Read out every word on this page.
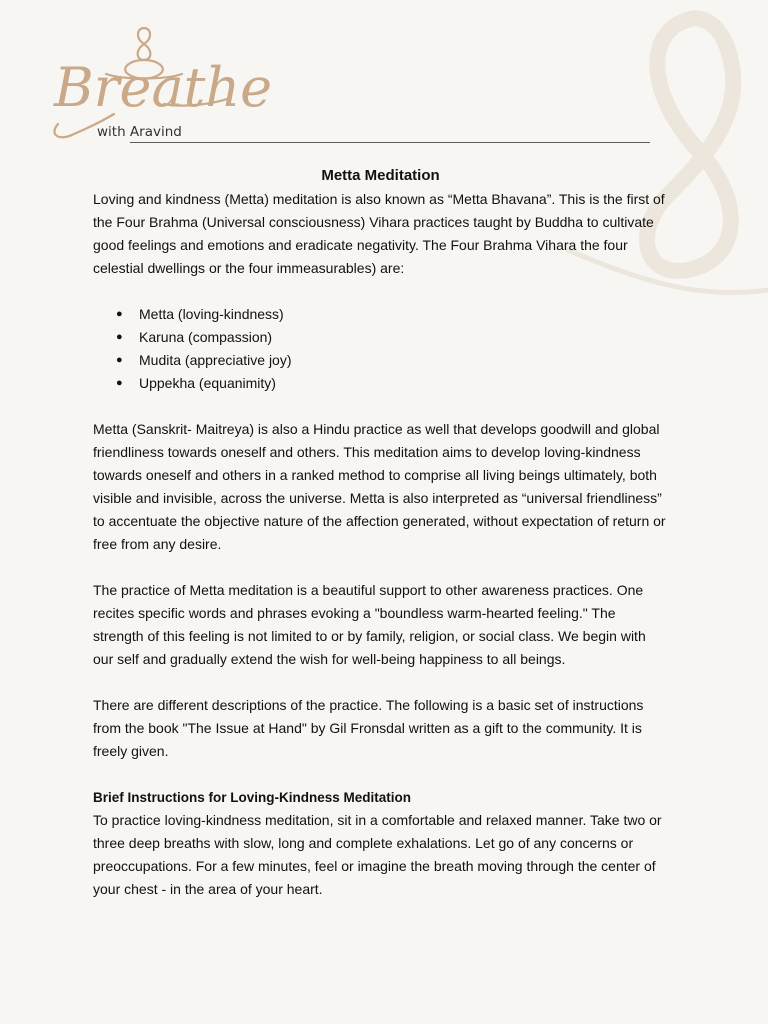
Breathe
with Aravind
Metta Meditation

Loving and kindness (Metta) meditation is also known as “Metta Bhavana”. This is the first of the Four Brahma (Universal consciousness) Vihara practices taught by Buddha to cultivate good feelings and emotions and eradicate negativity. The Four Brahma Vihara the four celestial dwellings or the four immeasurables) are:

● Metta (loving-kindness)
● Karuna (compassion)
● Mudita (appreciative joy)
● Uppekha (equanimity)

Metta (Sanskrit- Maitreya) is also a Hindu practice as well that develops goodwill and global friendliness towards oneself and others. This meditation aims to develop loving-kindness towards oneself and others in a ranked method to comprise all living beings ultimately, both visible and invisible, across the universe. Metta is also interpreted as “universal friendliness” to accentuate the objective nature of the affection generated, without expectation of return or free from any desire.

The practice of Metta meditation is a beautiful support to other awareness practices. One recites specific words and phrases evoking a "boundless warm-hearted feeling." The strength of this feeling is not limited to or by family, religion, or social class. We begin with our self and gradually extend the wish for well-being happiness to all beings.

There are different descriptions of the practice. The following is a basic set of instructions from the book "The Issue at Hand" by Gil Fronsdal written as a gift to the community. It is freely given.

Brief Instructions for Loving-Kindness Meditation

To practice loving-kindness meditation, sit in a comfortable and relaxed manner. Take two or three deep breaths with slow, long and complete exhalations. Let go of any concerns or preoccupations. For a few minutes, feel or imagine the breath moving through the center of your chest - in the area of your heart.
